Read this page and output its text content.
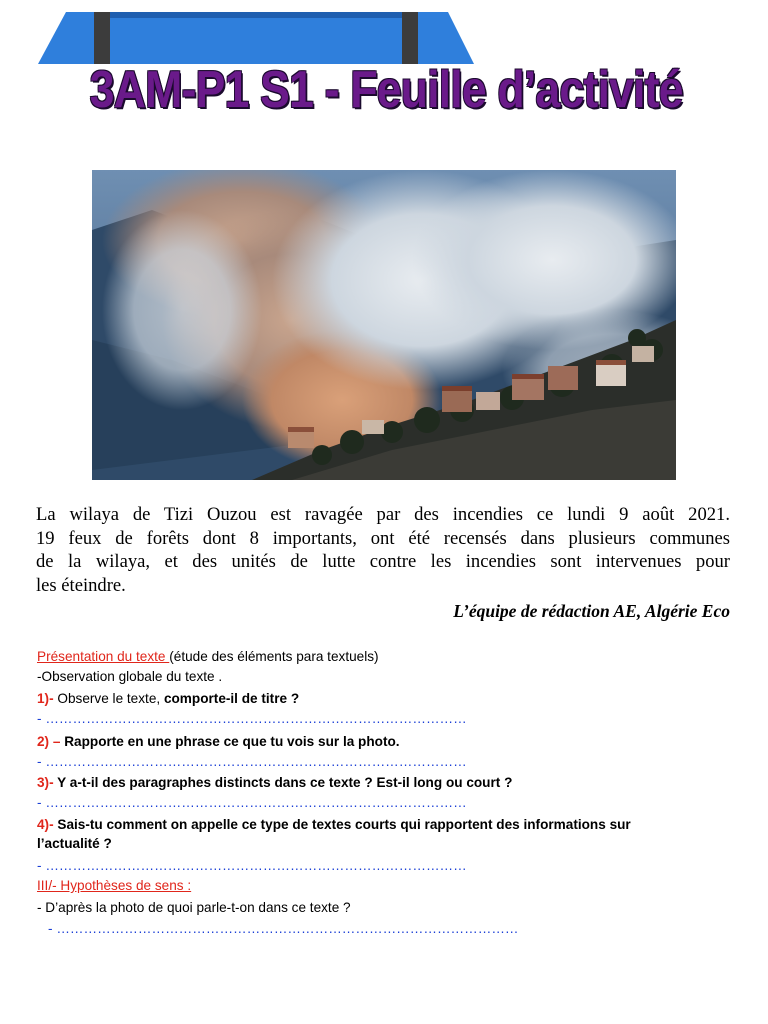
3AM-P1 S1 - Feuille d’activité

La wilaya de Tizi Ouzou est ravagée par des incendies ce lundi 9 août 2021.
19 feux de forêts dont 8 importants, ont été recensés dans plusieurs communes
de la wilaya, et des unités de lutte contre les incendies sont intervenues pour
les éteindre.

L’équipe de rédaction AE, Algérie Eco

Présentation du texte (étude des éléments para textuels)

-Observation globale du texte .

1)- Observe le texte, comporte-il de titre ?

- …………………………………………………………………………………

2) – Rapporte en une phrase ce que tu vois sur la photo.

- …………………………………………………………………………………

3)- Y a-t-il des paragraphes distincts dans ce texte ? Est-il long ou court ?

- …………………………………………………………………………………

4)- Sais-tu comment on appelle ce type de textes courts qui rapportent des informations sur

l’actualité ?

- …………………………………………………………………………………

III/- Hypothèses de sens :

- D’après la photo de quoi parle-t-on dans ce texte ?

- …………………………………………………………………………………………
